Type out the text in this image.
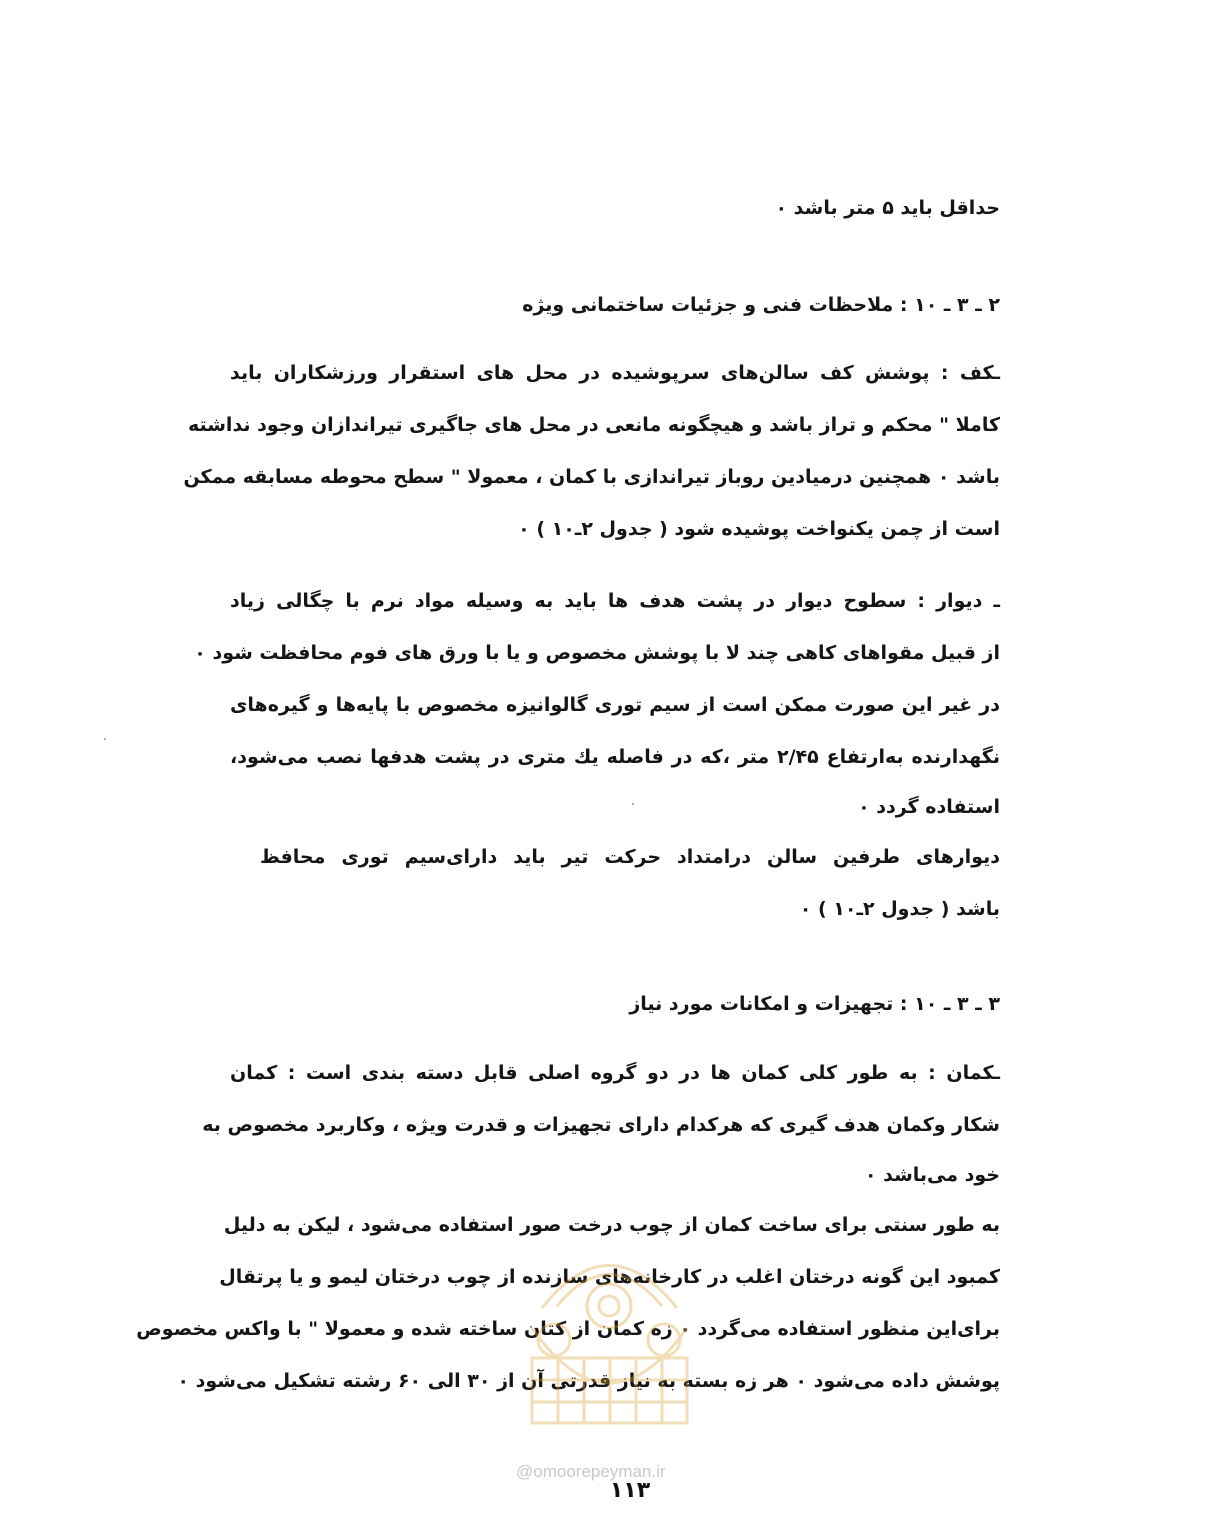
حداقل باید ۵ متر باشد ۰
۲ ـ ۳ ـ ۱۰ : ملاحظات فنی و جزئیات ساختمانی ویژه
ـکف : پوشش کف سالن‌های سرپوشیده در محل های استقرار ورزشکاران باید
کاملا " محکم و تراز باشد و هیچگونه مانعی در محل های جاگیری تیراندازان وجود نداشته
باشد ۰ همچنین درمیادین روباز تیراندازی با کمان ، معمولا " سطح محوطه مسابقه ممکن
است از چمن یکنواخت پوشیده شود ( جدول ۲ـ۱۰ ) ۰
ـ دیوار : سطوح دیوار در پشت هدف ها باید به وسیله مواد نرم با چگالی زیاد
از قبیل مقواهای کاهی چند لا با پوشش مخصوص و یا با ورق های فوم محافظت شود ۰
در غیر این صورت ممکن است از سیم توری گالوانیزه مخصوص با پایه‌ها و گیره‌های
نگهدارنده به‌ارتفاع ۲/۴۵ متر ،که در فاصله یك متری در پشت هدفها نصب می‌شود،
استفاده گردد ۰
دیوارهای طرفین سالن درامتداد حرکت تیر باید دارای‌سیم توری محافظ
باشد ( جدول ۲ـ۱۰ ) ۰
۳ ـ ۳ ـ ۱۰ : تجهیزات و امکانات مورد نیاز
ـکمان : به طور کلی کمان ها در دو گروه اصلی قابل دسته بندی است : کمان
شکار وکمان هدف گیری که هرکدام دارای تجهیزات و قدرت ویژه ، وکاربرد مخصوص به
خود می‌باشد ۰
به طور سنتی برای ساخت کمان از چوب درخت صور استفاده می‌شود ، لیکن به دلیل
کمبود این گونه درختان اغلب در کارخانه‌های سازنده از چوب درختان لیمو و یا پرتقال
برای‌این منظور استفاده می‌گردد ۰ زه کمان از کتان ساخته شده و معمولا " با واکس مخصوص
پوشش داده می‌شود ۰ هر زه بسته به نیاز قدرتی آن از ۳۰ الی ۶۰ رشته تشکیل می‌شود ۰
@omoorepeyman.ir
۱۱۳
